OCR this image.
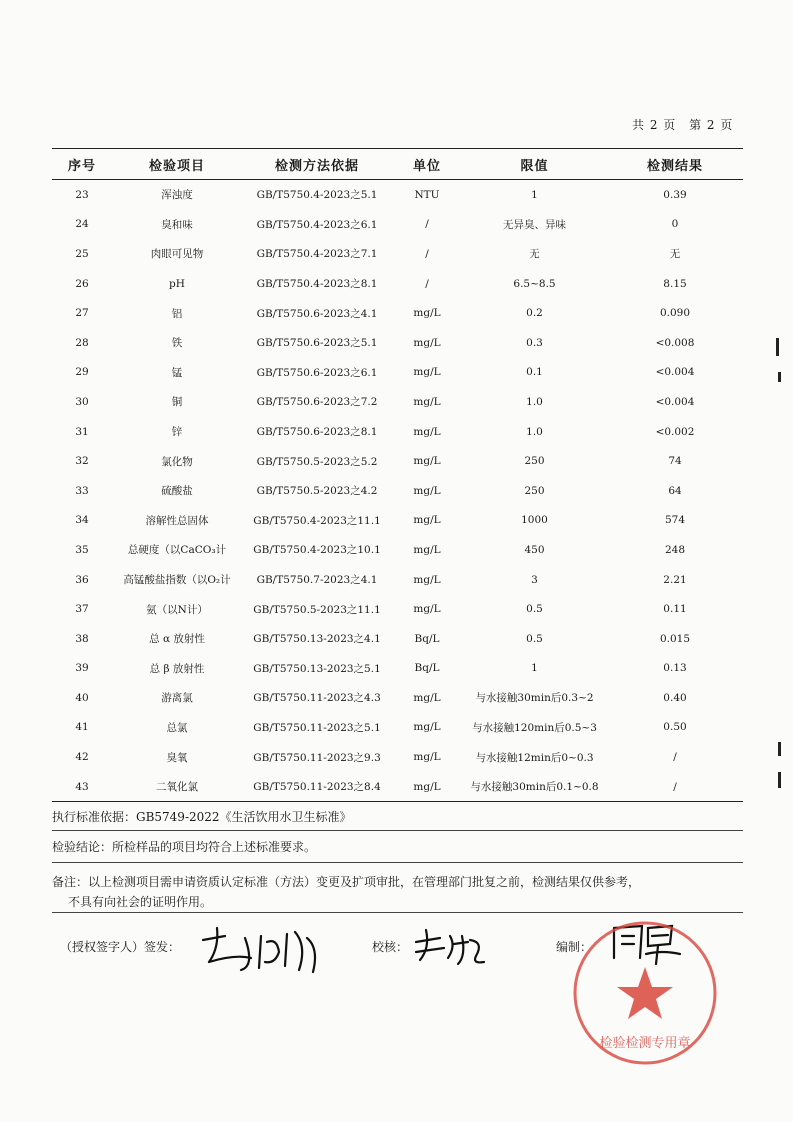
共 2 页 第 2 页
序号	检验项目	检测方法依据	单位	限值	检测结果
23	浑浊度	GB/T5750.4-2023之5.1	NTU	1	0.39
24	臭和味	GB/T5750.4-2023之6.1	/	无异臭、异味	0
25	肉眼可见物	GB/T5750.4-2023之7.1	/	无	无
26	pH	GB/T5750.4-2023之8.1	/	6.5~8.5	8.15
27	铝	GB/T5750.6-2023之4.1	mg/L	0.2	0.090
28	铁	GB/T5750.6-2023之5.1	mg/L	0.3	<0.008
29	锰	GB/T5750.6-2023之6.1	mg/L	0.1	<0.004
30	铜	GB/T5750.6-2023之7.2	mg/L	1.0	<0.004
31	锌	GB/T5750.6-2023之8.1	mg/L	1.0	<0.002
32	氯化物	GB/T5750.5-2023之5.2	mg/L	250	74
33	硫酸盐	GB/T5750.5-2023之4.2	mg/L	250	64
34	溶解性总固体	GB/T5750.4-2023之11.1	mg/L	1000	574
35	总硬度（以CaCO₃计	GB/T5750.4-2023之10.1	mg/L	450	248
36	高锰酸盐指数（以O₂计	GB/T5750.7-2023之4.1	mg/L	3	2.21
37	氨（以N计）	GB/T5750.5-2023之11.1	mg/L	0.5	0.11
38	总 α 放射性	GB/T5750.13-2023之4.1	Bq/L	0.5	0.015
39	总 β 放射性	GB/T5750.13-2023之5.1	Bq/L	1	0.13
40	游离氯	GB/T5750.11-2023之4.3	mg/L	与水接触30min后0.3~2	0.40
41	总氯	GB/T5750.11-2023之5.1	mg/L	与水接触120min后0.5~3	0.50
42	臭氧	GB/T5750.11-2023之9.3	mg/L	与水接触12min后0~0.3	/
43	二氧化氯	GB/T5750.11-2023之8.4	mg/L	与水接触30min后0.1~0.8	/
执行标准依据：GB5749-2022《生活饮用水卫生标准》
检验结论：所检样品的项目均符合上述标准要求。
备注：以上检测项目需申请资质认定标准（方法）变更及扩项审批，在管理部门批复之前，检测结果仅供参考，
不具有向社会的证明作用。
（授权签字人）签发：	校核：	编制：
检验检测专用章
